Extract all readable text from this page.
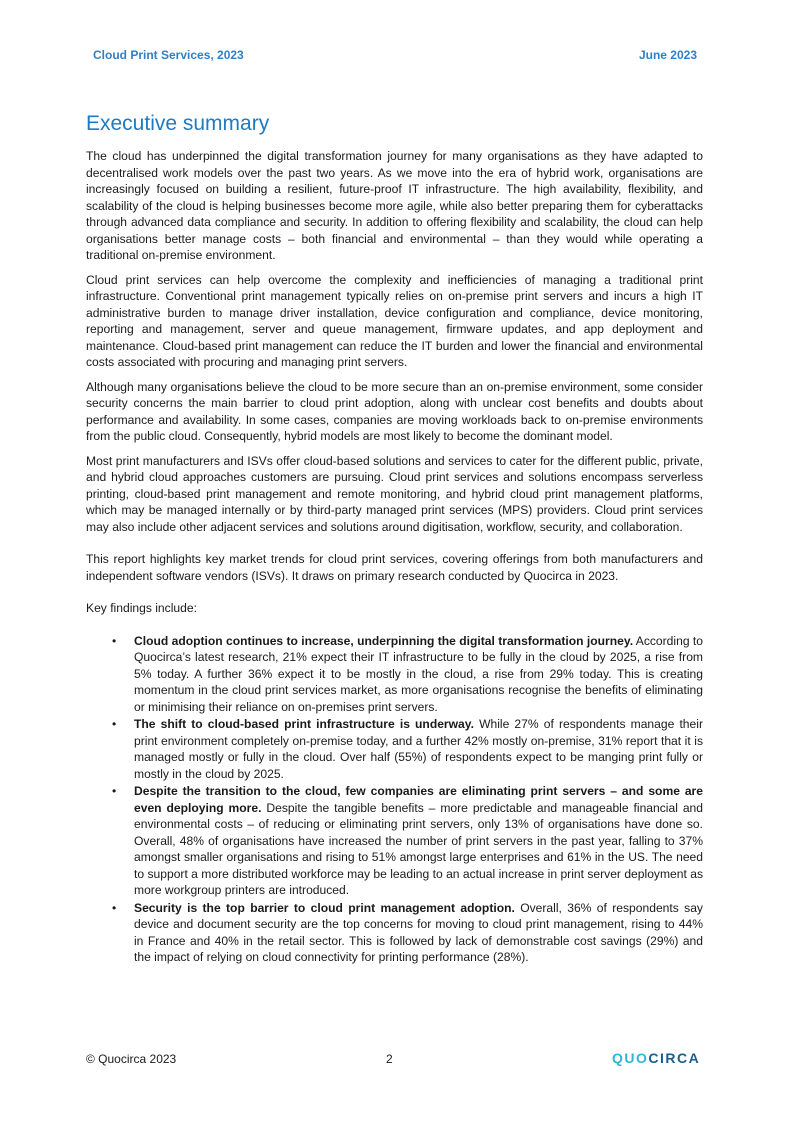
Cloud Print Services, 2023	June 2023
Executive summary

The cloud has underpinned the digital transformation journey for many organisations as they have adapted to decentralised work models over the past two years. As we move into the era of hybrid work, organisations are increasingly focused on building a resilient, future-proof IT infrastructure. The high availability, flexibility, and scalability of the cloud is helping businesses become more agile, while also better preparing them for cyberattacks through advanced data compliance and security. In addition to offering flexibility and scalability, the cloud can help organisations better manage costs – both financial and environmental – than they would while operating a traditional on-premise environment.

Cloud print services can help overcome the complexity and inefficiencies of managing a traditional print infrastructure. Conventional print management typically relies on on-premise print servers and incurs a high IT administrative burden to manage driver installation, device configuration and compliance, device monitoring, reporting and management, server and queue management, firmware updates, and app deployment and maintenance. Cloud-based print management can reduce the IT burden and lower the financial and environmental costs associated with procuring and managing print servers.

Although many organisations believe the cloud to be more secure than an on-premise environment, some consider security concerns the main barrier to cloud print adoption, along with unclear cost benefits and doubts about performance and availability. In some cases, companies are moving workloads back to on-premise environments from the public cloud. Consequently, hybrid models are most likely to become the dominant model.

Most print manufacturers and ISVs offer cloud-based solutions and services to cater for the different public, private, and hybrid cloud approaches customers are pursuing. Cloud print services and solutions encompass serverless printing, cloud-based print management and remote monitoring, and hybrid cloud print management platforms, which may be managed internally or by third-party managed print services (MPS) providers. Cloud print services may also include other adjacent services and solutions around digitisation, workflow, security, and collaboration.

This report highlights key market trends for cloud print services, covering offerings from both manufacturers and independent software vendors (ISVs). It draws on primary research conducted by Quocirca in 2023.

Key findings include:

• Cloud adoption continues to increase, underpinning the digital transformation journey. According to Quocirca’s latest research, 21% expect their IT infrastructure to be fully in the cloud by 2025, a rise from 5% today. A further 36% expect it to be mostly in the cloud, a rise from 29% today. This is creating momentum in the cloud print services market, as more organisations recognise the benefits of eliminating or minimising their reliance on on-premises print servers.
• The shift to cloud-based print infrastructure is underway. While 27% of respondents manage their print environment completely on-premise today, and a further 42% mostly on-premise, 31% report that it is managed mostly or fully in the cloud. Over half (55%) of respondents expect to be manging print fully or mostly in the cloud by 2025.
• Despite the transition to the cloud, few companies are eliminating print servers – and some are even deploying more. Despite the tangible benefits – more predictable and manageable financial and environmental costs – of reducing or eliminating print servers, only 13% of organisations have done so. Overall, 48% of organisations have increased the number of print servers in the past year, falling to 37% amongst smaller organisations and rising to 51% amongst large enterprises and 61% in the US. The need to support a more distributed workforce may be leading to an actual increase in print server deployment as more workgroup printers are introduced.
• Security is the top barrier to cloud print management adoption. Overall, 36% of respondents say device and document security are the top concerns for moving to cloud print management, rising to 44% in France and 40% in the retail sector. This is followed by lack of demonstrable cost savings (29%) and the impact of relying on cloud connectivity for printing performance (28%).
© Quocirca 2023	2	QUOCIRCA
